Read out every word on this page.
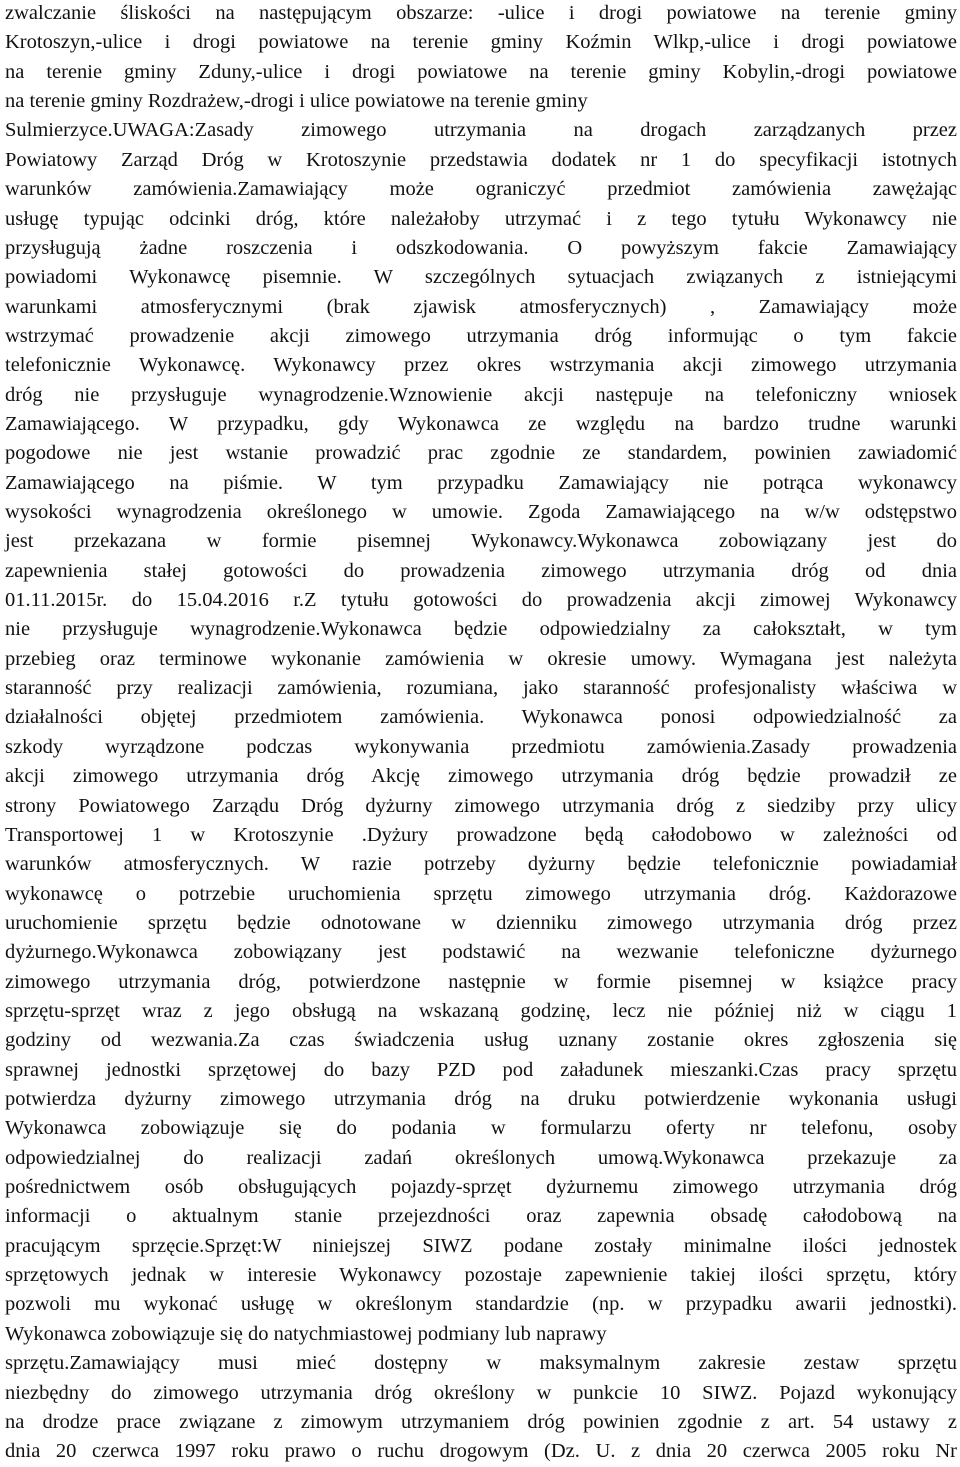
zwalczanie śliskości na następującym obszarze: -ulice i drogi powiatowe na terenie gminy
Krotoszyn,-ulice i drogi powiatowe na terenie gminy Koźmin Wlkp,-ulice i drogi powiatowe
na terenie gminy Zduny,-ulice i drogi powiatowe na terenie gminy Kobylin,-drogi powiatowe
na terenie gminy Rozdrażew,-drogi i ulice powiatowe na terenie gminy
Sulmierzyce.UWAGA:Zasady zimowego utrzymania na drogach zarządzanych przez
Powiatowy Zarząd Dróg w Krotoszynie przedstawia dodatek nr 1 do specyfikacji istotnych
warunków zamówienia.Zamawiający może ograniczyć przedmiot zamówienia zawężając
usługę typując odcinki dróg, które należałoby utrzymać i z tego tytułu Wykonawcy nie
przysługują żadne roszczenia i odszkodowania. O powyższym fakcie Zamawiający
powiadomi Wykonawcę pisemnie. W szczególnych sytuacjach związanych z istniejącymi
warunkami atmosferycznymi (brak zjawisk atmosferycznych) , Zamawiający może
wstrzymać prowadzenie akcji zimowego utrzymania dróg informując o tym fakcie
telefonicznie Wykonawcę. Wykonawcy przez okres wstrzymania akcji zimowego utrzymania
dróg nie przysługuje wynagrodzenie.Wznowienie akcji następuje na telefoniczny wniosek
Zamawiającego. W przypadku, gdy Wykonawca ze względu na bardzo trudne warunki
pogodowe nie jest wstanie prowadzić prac zgodnie ze standardem, powinien zawiadomić
Zamawiającego na piśmie. W tym przypadku Zamawiający nie potrąca wykonawcy
wysokości wynagrodzenia określonego w umowie. Zgoda Zamawiającego na w/w odstępstwo
jest przekazana w formie pisemnej Wykonawcy.Wykonawca zobowiązany jest do
zapewnienia stałej gotowości do prowadzenia zimowego utrzymania dróg od dnia
01.11.2015r. do 15.04.2016 r.Z tytułu gotowości do prowadzenia akcji zimowej Wykonawcy
nie przysługuje wynagrodzenie.Wykonawca będzie odpowiedzialny za całokształt, w tym
przebieg oraz terminowe wykonanie zamówienia w okresie umowy. Wymagana jest należyta
staranność przy realizacji zamówienia, rozumiana, jako staranność profesjonalisty właściwa w
działalności objętej przedmiotem zamówienia. Wykonawca ponosi odpowiedzialność za
szkody wyrządzone podczas wykonywania przedmiotu zamówienia.Zasady prowadzenia
akcji zimowego utrzymania dróg Akcję zimowego utrzymania dróg będzie prowadził ze
strony Powiatowego Zarządu Dróg dyżurny zimowego utrzymania dróg z siedziby przy ulicy
Transportowej 1 w Krotoszynie .Dyżury prowadzone będą całodobowo w zależności od
warunków atmosferycznych. W razie potrzeby dyżurny będzie telefonicznie powiadamiał
wykonawcę o potrzebie uruchomienia sprzętu zimowego utrzymania dróg. Każdorazowe
uruchomienie sprzętu będzie odnotowane w dzienniku zimowego utrzymania dróg przez
dyżurnego.Wykonawca zobowiązany jest podstawić na wezwanie telefoniczne dyżurnego
zimowego utrzymania dróg, potwierdzone następnie w formie pisemnej w książce pracy
sprzętu-sprzęt wraz z jego obsługą na wskazaną godzinę, lecz nie później niż w ciągu 1
godziny od wezwania.Za czas świadczenia usług uznany zostanie okres zgłoszenia się
sprawnej jednostki sprzętowej do bazy PZD pod załadunek mieszanki.Czas pracy sprzętu
potwierdza dyżurny zimowego utrzymania dróg na druku potwierdzenie wykonania usługi
Wykonawca zobowiązuje się do podania w formularzu oferty nr telefonu, osoby
odpowiedzialnej do realizacji zadań określonych umową.Wykonawca przekazuje za
pośrednictwem osób obsługujących pojazdy-sprzęt dyżurnemu zimowego utrzymania dróg
informacji o aktualnym stanie przejezdności oraz zapewnia obsadę całodobową na
pracującym sprzęcie.Sprzęt:W niniejszej SIWZ podane zostały minimalne ilości jednostek
sprzętowych jednak w interesie Wykonawcy pozostaje zapewnienie takiej ilości sprzętu, który
pozwoli mu wykonać usługę w określonym standardzie (np. w przypadku awarii jednostki).
Wykonawca zobowiązuje się do natychmiastowej podmiany lub naprawy
sprzętu.Zamawiający musi mieć dostępny w maksymalnym zakresie zestaw sprzętu
niezbędny do zimowego utrzymania dróg określony w punkcie 10 SIWZ. Pojazd wykonujący
na drodze prace związane z zimowym utrzymaniem dróg powinien zgodnie z art. 54 ustawy z
dnia 20 czerwca 1997 roku prawo o ruchu drogowym (Dz. U. z dnia 20 czerwca 2005 roku Nr
